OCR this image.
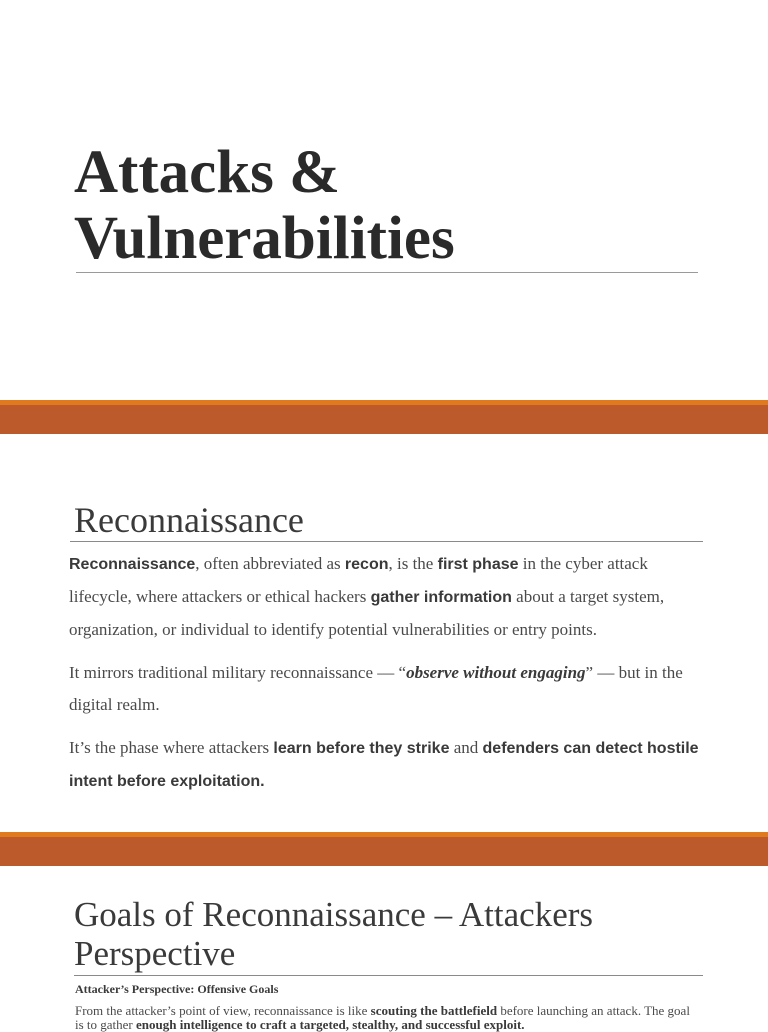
Attacks &
Vulnerabilities
Reconnaissance

Reconnaissance, often abbreviated as recon, is the first phase in the cyber attack lifecycle, where attackers or ethical hackers gather information about a target system, organization, or individual to identify potential vulnerabilities or entry points.

It mirrors traditional military reconnaissance — “observe without engaging” — but in the digital realm.

It’s the phase where attackers learn before they strike and defenders can detect hostile intent before exploitation.

Goals of Reconnaissance – Attackers Perspective

Attacker’s Perspective: Offensive Goals

From the attacker’s point of view, reconnaissance is like scouting the battlefield before launching an attack. The goal is to gather enough intelligence to craft a targeted, stealthy, and successful exploit.
